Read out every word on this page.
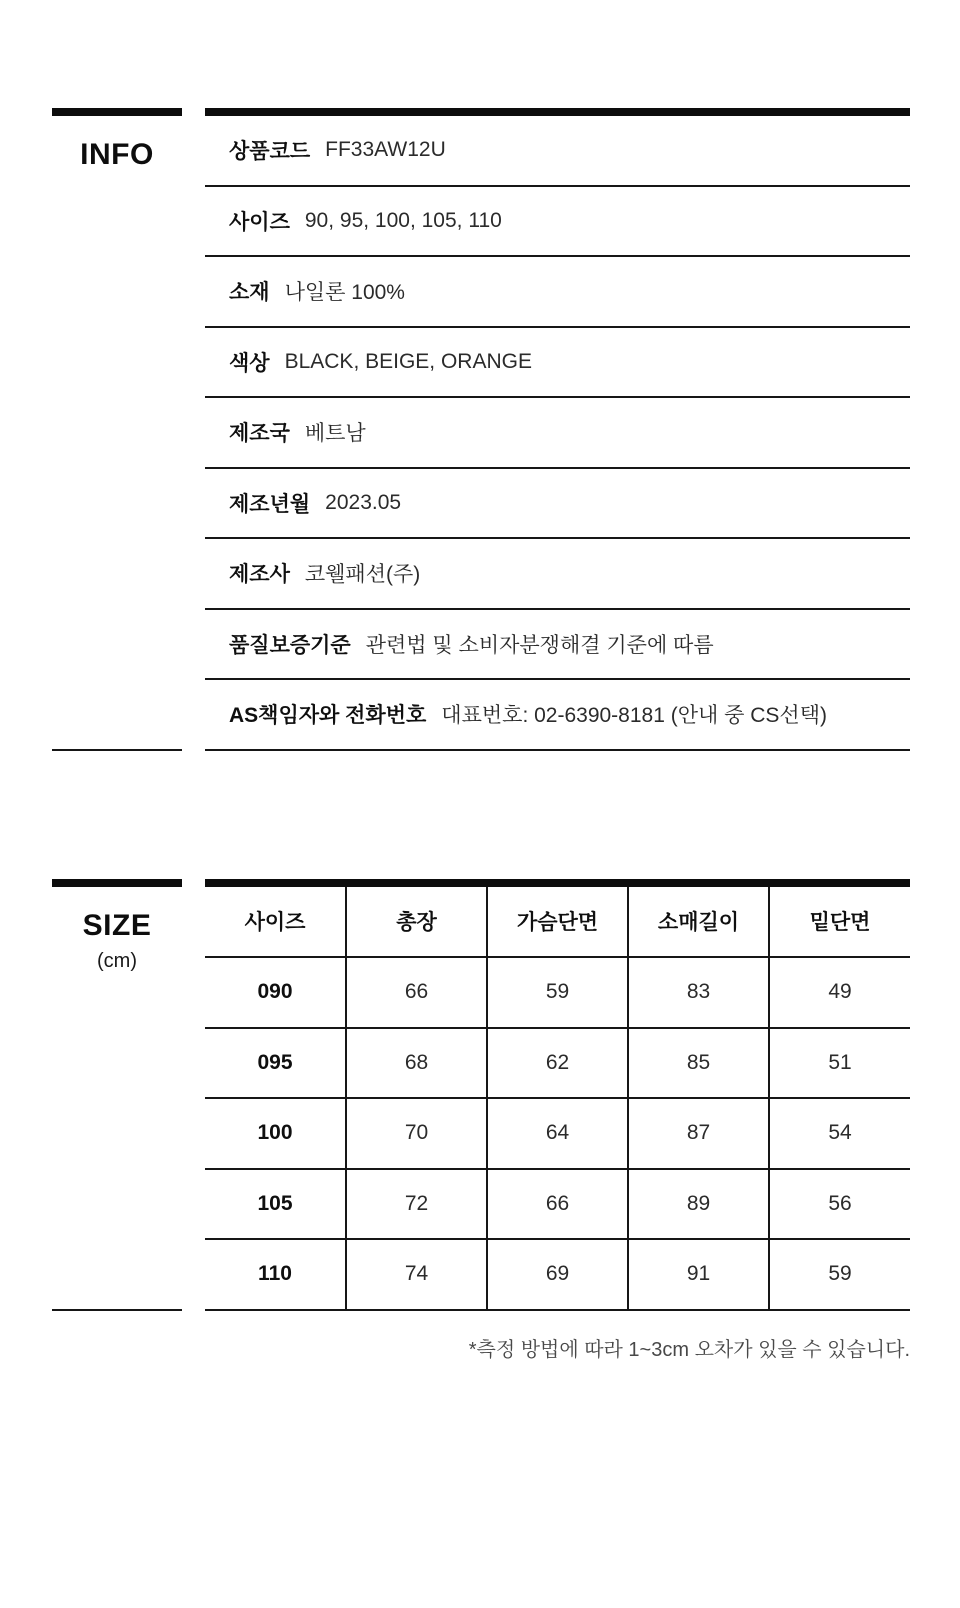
INFO	상품코드 FF33AW12U
사이즈 90, 95, 100, 105, 110
소재 나일론 100%
색상 BLACK, BEIGE, ORANGE
제조국 베트남
제조년월 2023.05
제조사 코웰패션(주)
품질보증기준 관련법 및 소비자분쟁해결 기준에 따름
AS책임자와 전화번호 대표번호: 02-6390-8181 (안내 중 CS선택)
SIZE
(cm)
사이즈	총장	가슴단면	소매길이	밑단면
090	66	59	83	49
095	68	62	85	51
100	70	64	87	54
105	72	66	89	56
110	74	69	91	59
*측정 방법에 따라 1~3cm 오차가 있을 수 있습니다.
